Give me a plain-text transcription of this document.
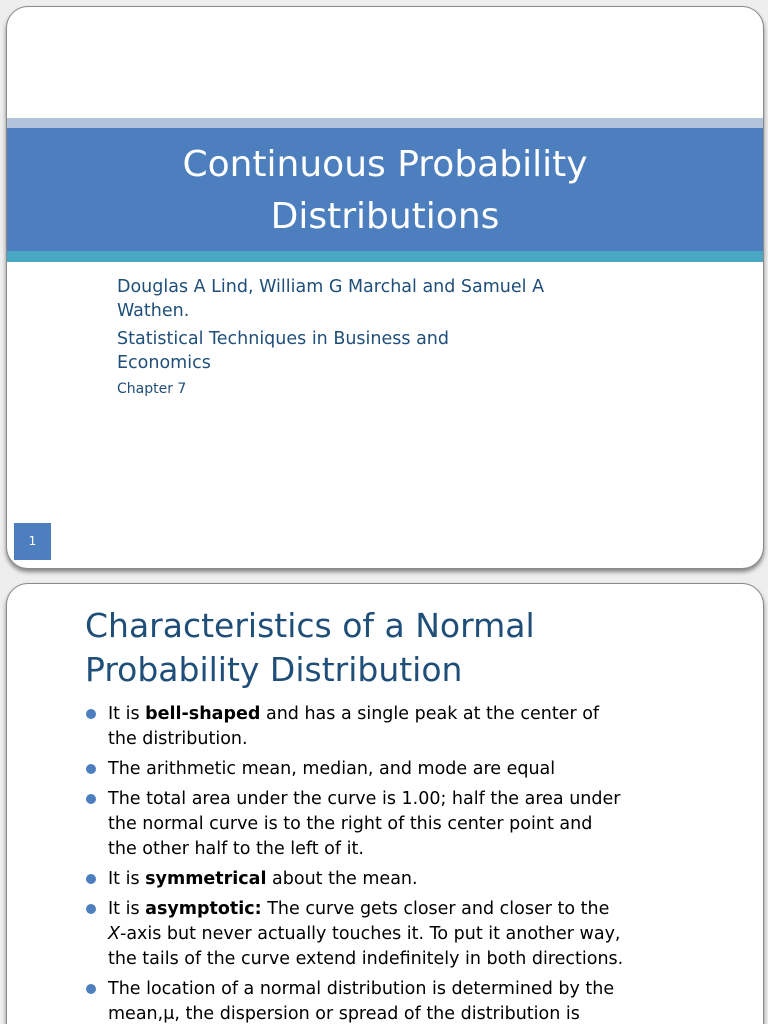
Continuous Probability
Distributions
Douglas A Lind, William G Marchal and Samuel A
Wathen.
Statistical Techniques in Business and
Economics
Chapter 7
1
Characteristics of a Normal
Probability Distribution
It is bell-shaped and has a single peak at the center of
the distribution.
The arithmetic mean, median, and mode are equal
The total area under the curve is 1.00; half the area under
the normal curve is to the right of this center point and
the other half to the left of it.
It is symmetrical about the mean.
It is asymptotic: The curve gets closer and closer to the
X-axis but never actually touches it. To put it another way,
the tails of the curve extend indefinitely in both directions.
The location of a normal distribution is determined by the
mean,μ, the dispersion or spread of the distribution is
